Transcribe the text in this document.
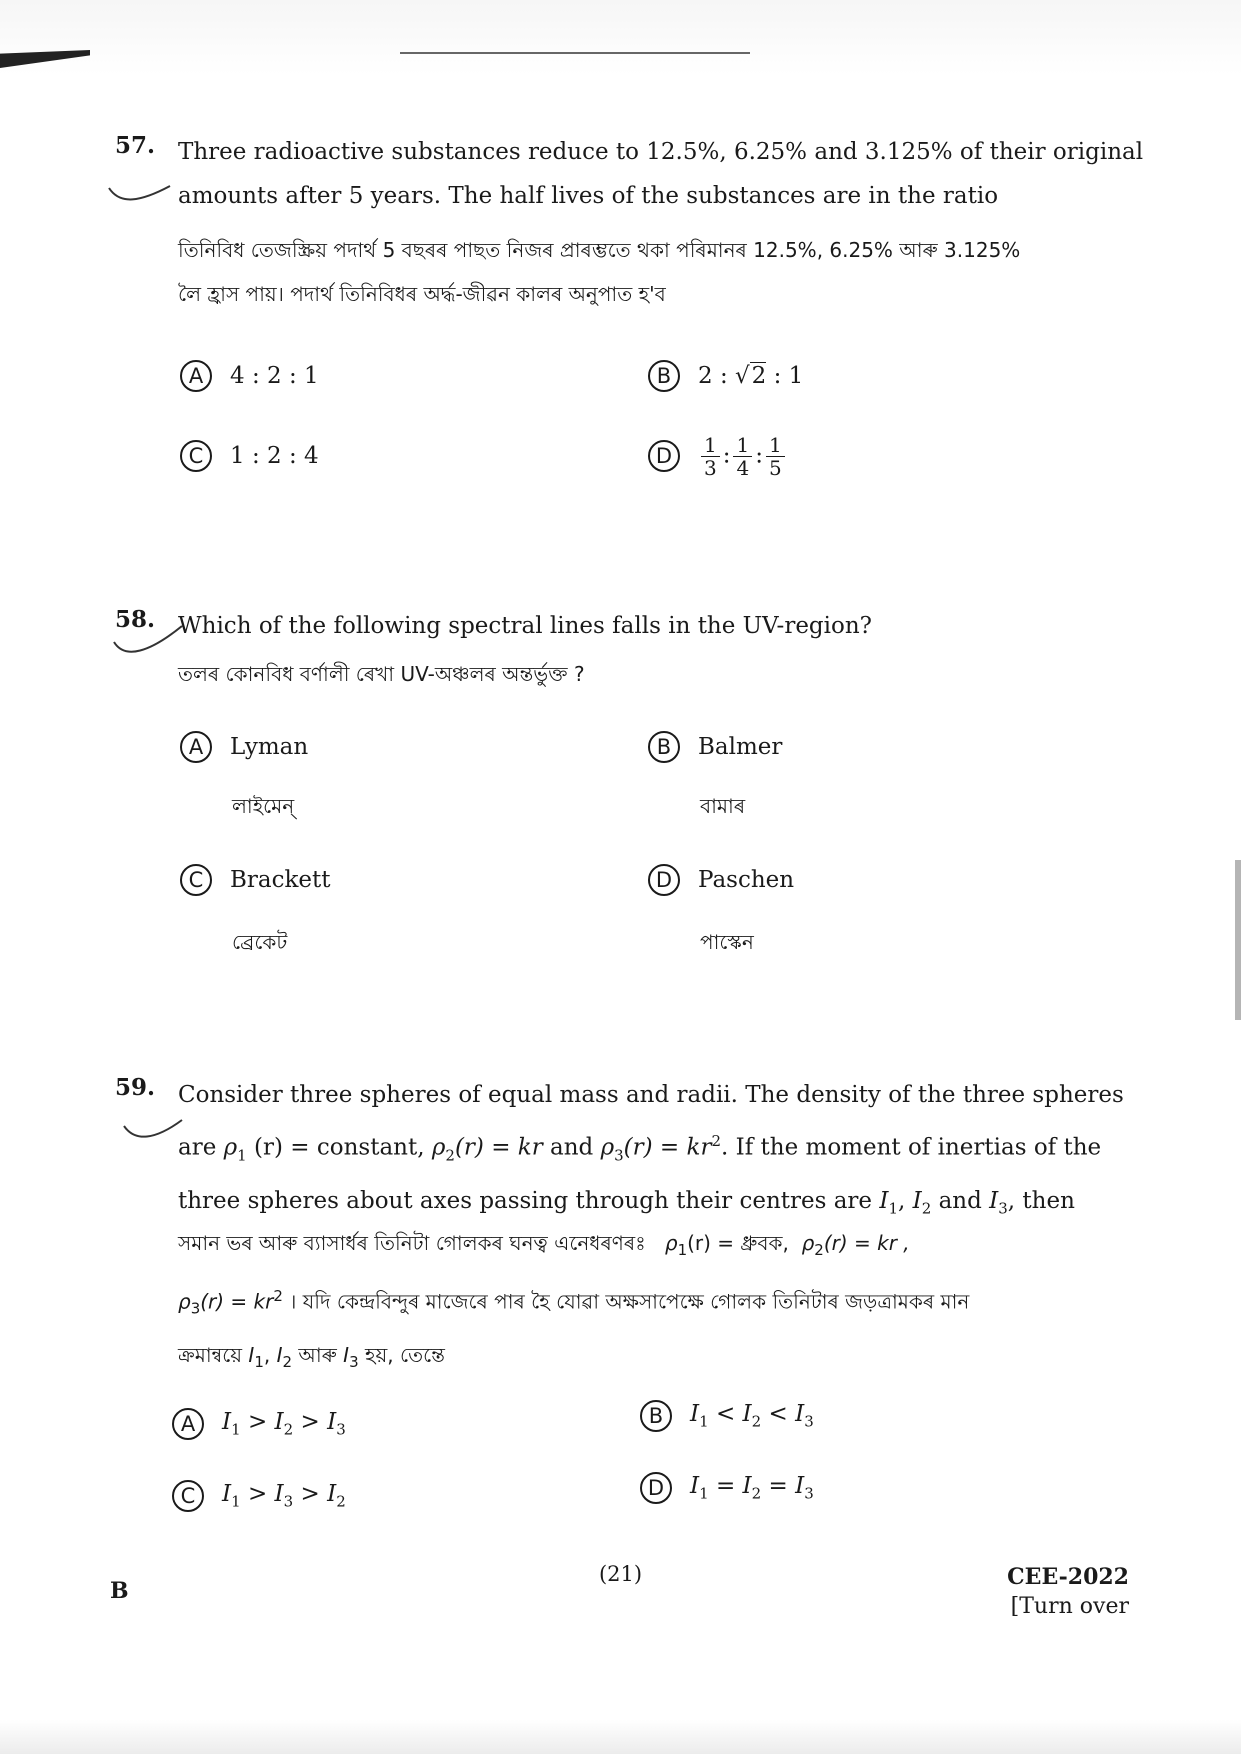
57. Three radioactive substances reduce to 12.5%, 6.25% and 3.125% of their original
amounts after 5 years. The half lives of the substances are in the ratio
তিনিবিধ তেজস্ক্রিয় পদাৰ্থ 5 বছৰৰ পাছত নিজৰ প্ৰাৰম্ভতে থকা পৰিমানৰ 12.5%, 6.25% আৰু 3.125%
লৈ হ্ৰাস পায়। পদাৰ্থ তিনিবিধৰ অৰ্দ্ধ-জীৱন কালৰ অনুপাত হ'ব
A	4 : 2 : 1	B	2 : √2 : 1
C	1 : 2 : 4	D	$\frac{1}{3}$ : $\frac{1}{4}$ : $\frac{1}{5}$
58. Which of the following spectral lines falls in the UV-region?
তলৰ কোনবিধ বৰ্ণালী ৰেখা UV-অঞ্চলৰ অন্তৰ্ভুক্ত ?
A	Lyman
লাইমেন্
B	Balmer
বামাৰ
C	Brackett
ব্ৰেকেট
D	Paschen
পাস্কেন
59. Consider three spheres of equal mass and radii. The density of the three spheres
are $\rho_1$ (r) = constant, $\rho_2(r)$ = kr and $\rho_3(r) = kr^2$. If the moment of inertias of the
three spheres about axes passing through their centres are $I_1$, $I_2$ and $I_3$, then
সমান ভৰ আৰু ব্যাসাৰ্ধৰ তিনিটা গোলকৰ ঘনত্ব এনেধৰণৰঃ $\rho_1(r)$ = ধ্ৰুবক, $\rho_2(r)$ = kr ,
$\rho_3(r) = kr^2$ । যদি কেন্দ্ৰবিন্দুৰ মাজেৰে পাৰ হৈ যোৱা অক্ষসাপেক্ষে গোলক তিনিটাৰ জড়ত্ৰামকৰ মান
ক্ৰমান্বয়ে $I_1$, $I_2$ আৰু $I_3$ হয়, তেন্তে
A	$I_1 > I_2 > I_3$
B	$I_1 < I_2 < I_3$
C	$I_1 > I_3 > I_2$
D	$I_1 = I_2 = I_3$
B
(21)	CEE-2022
[Turn over
